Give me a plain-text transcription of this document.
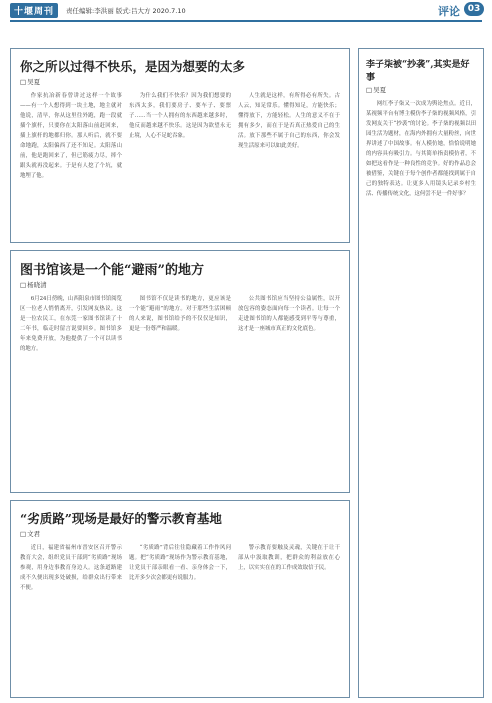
十堰周刊	责任编辑:李洪丽 版式:吕大方 2020.7.10	评论 03
你之所以过得不快乐，是因为想要的太多
□ 吴夏

作家抗冶新春曾讲过这样一个故事——有一个人想得到一块土地，地主就对他说，清早，你从这里往外跑，跑一段就插个旗杆，只要你在太阳落山前赶回来，插上旗杆的地都归你。那人听后，就不要命地跑，太阳偏西了还不知足。太阳落山前，他是跑回来了，但已筋疲力尽，摔个跟头就再没起来。于是有人挖了个坑，就地埋了他。

为什么我们不快乐？因为我们想要的东西太多，我们要房子、要车子、要票子……当一个人拥有的东西越来越多时，他反而越来越不快乐。这是因为欲望永无止境，人心不足蛇吞象。

人生就是这样，有所得必有所失。古人云，知足常乐。懂得知足，方能快乐；懂得放下，方能轻松。人生的意义不在于拥有多少，而在于是否真正热爱自己的生活。放下那些不属于自己的东西，你会发现生活原来可以如此美好。

图书馆该是一个能“避雨”的地方
□ 杨晓清

6月24日傍晚，山西阳泉市图书馆阅览区一位老人悄悄离开，引发网友热议。这是一位农民工，在东莞一家图书馆读了十二年书，临走时留言说要回乡。图书馆多年来免费开放，为他提供了一个可以读书的地方。

图书馆不仅是读书的地方，更应该是一个能“避雨”的地方。对于那些生活困顿的人来说，图书馆给予的不仅仅是知识，更是一份尊严和温暖。

公共图书馆应当坚持公益属性，以开放包容的姿态面向每一个读者。让每一个走进图书馆的人都能感受到平等与尊重，这才是一座城市真正的文化底色。

“劣质路”现场是最好的警示教育基地
□ 文君

近日，福建省福州市晋安区召开警示教育大会，组织党员干部到“劣质路”现场参观，用身边事教育身边人。这条道路建成不久便出现多处破损，给群众出行带来不便。

“劣质路”背后往往隐藏着工作作风问题。把“劣质路”现场作为警示教育基地，让党员干部亲眼看一看、亲身体会一下，比开多少次会都更有说服力。

警示教育要触及灵魂，关键在于让干部从中汲取教训，把群众的利益放在心上，以实实在在的工作成效取信于民。

李子柒被“抄袭”,其实是好事
□ 吴夏

网红李子柒又一次成为舆论焦点。近日，某视频平台有博主模仿李子柒的视频风格，引发网友关于“抄袭”的讨论。李子柒的视频以田园生活为题材，在海内外拥有大量粉丝，向世界讲述了中国故事。有人模仿她，恰恰说明她的内容具有吸引力。与其简单指责模仿者，不如把这看作是一种良性的竞争。好的作品总会被借鉴，关键在于每个创作者都能找到属于自己的独特表达。让更多人用镜头记录乡村生活、传播传统文化，这何尝不是一件好事？
